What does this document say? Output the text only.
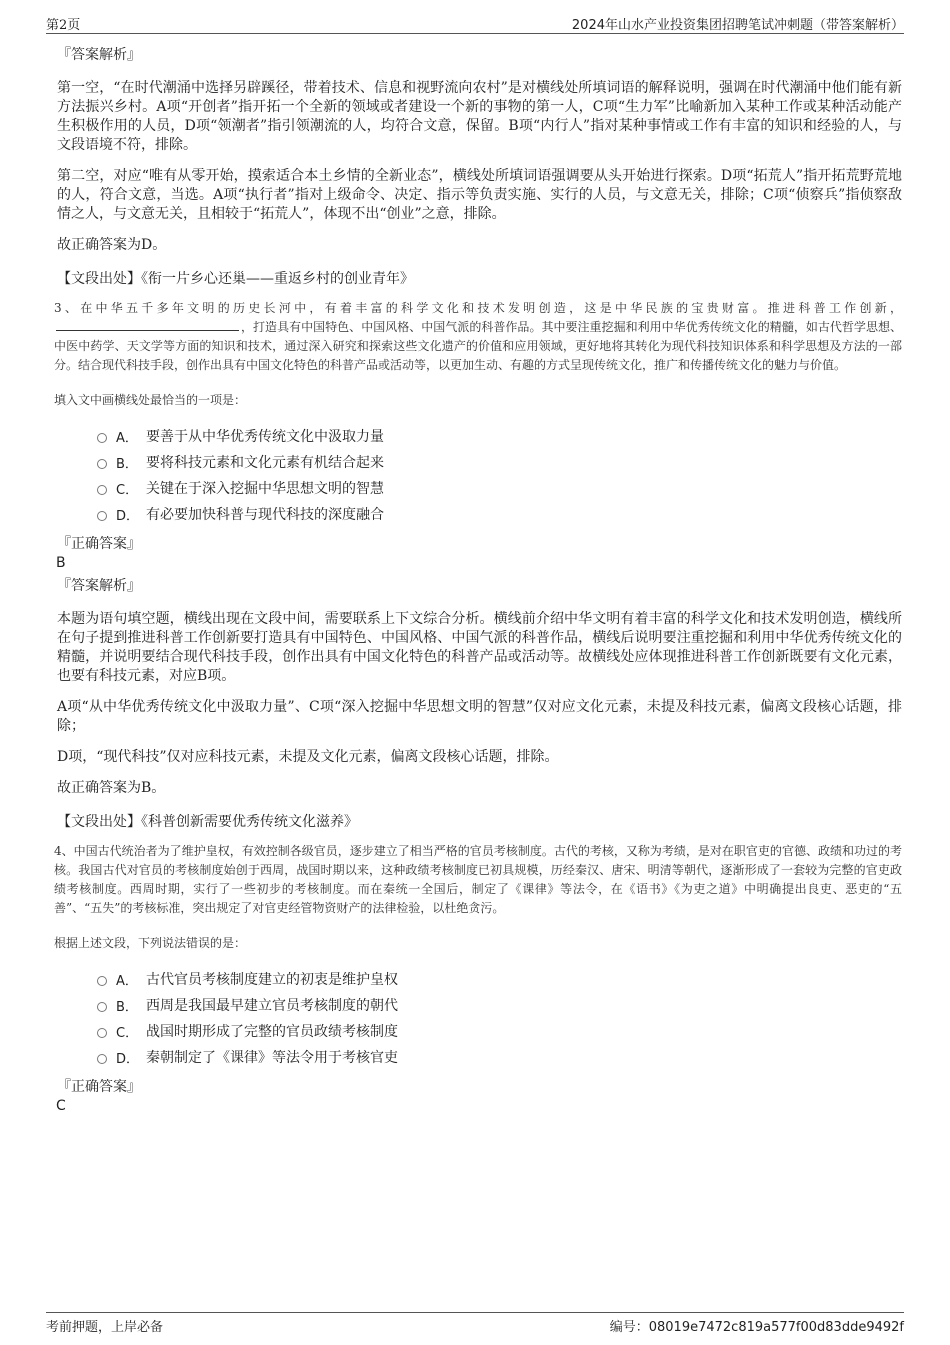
第2页	2024年山水产业投资集团招聘笔试冲刺题（带答案解析）
『答案解析』

第一空，“在时代潮涌中选择另辟蹊径，带着技术、信息和视野流向农村”是对横线处所填词语的解释说明，强调在时代潮涌中他们能有新方法振兴乡村。A项“开创者”指开拓一个全新的领域或者建设一个新的事物的第一人，C项“生力军”比喻新加入某种工作或某种活动能产生积极作用的人员，D项“领潮者”指引领潮流的人，均符合文意，保留。B项“内行人”指对某种事情或工作有丰富的知识和经验的人，与文段语境不符，排除。

第二空，对应“唯有从零开始，摸索适合本土乡情的全新业态”，横线处所填词语强调要从头开始进行探索。D项“拓荒人”指开拓荒野荒地的人，符合文意，当选。A项“执行者”指对上级命令、决定、指示等负责实施、实行的人员，与文意无关，排除；C项“侦察兵”指侦察敌情之人，与文意无关，且相较于“拓荒人”，体现不出“创业”之意，排除。

故正确答案为D。

【文段出处】《衔一片乡心还巢——重返乡村的创业青年》

3、在中华五千多年文明的历史长河中，有着丰富的科学文化和技术发明创造，这是中华民族的宝贵财富。推进科普工作创新，，打造具有中国特色、中国风格、中国气派的科普作品。其中要注重挖掘和利用中华优秀传统文化的精髓，如古代哲学思想、中医中药学、天文学等方面的知识和技术，通过深入研究和探索这些文化遗产的价值和应用领域，更好地将其转化为现代科技知识体系和科学思想及方法的一部分。结合现代科技手段，创作出具有中国文化特色的科普产品或活动等，以更加生动、有趣的方式呈现传统文化，推广和传播传统文化的魅力与价值。

填入文中画横线处最恰当的一项是：

A． 要善于从中华优秀传统文化中汲取力量
B． 要将科技元素和文化元素有机结合起来
C． 关键在于深入挖掘中华思想文明的智慧
D． 有必要加快科普与现代科技的深度融合
『正确答案』
B
『答案解析』

本题为语句填空题，横线出现在文段中间，需要联系上下文综合分析。横线前介绍中华文明有着丰富的科学文化和技术发明创造，横线所在句子提到推进科普工作创新要打造具有中国特色、中国风格、中国气派的科普作品，横线后说明要注重挖掘和利用中华优秀传统文化的精髓，并说明要结合现代科技手段，创作出具有中国文化特色的科普产品或活动等。故横线处应体现推进科普工作创新既要有文化元素，也要有科技元素，对应B项。

A项“从中华优秀传统文化中汲取力量”、C项“深入挖掘中华思想文明的智慧”仅对应文化元素，未提及科技元素，偏离文段核心话题，排除；

D项，“现代科技”仅对应科技元素，未提及文化元素，偏离文段核心话题，排除。

故正确答案为B。

【文段出处】《科普创新需要优秀传统文化滋养》

4、中国古代统治者为了维护皇权，有效控制各级官员，逐步建立了相当严格的官员考核制度。古代的考核，又称为考绩，是对在职官吏的官德、政绩和功过的考核。我国古代对官员的考核制度始创于西周，战国时期以来，这种政绩考核制度已初具规模，历经秦汉、唐宋、明清等朝代，逐渐形成了一套较为完整的官吏政绩考核制度。西周时期，实行了一些初步的考核制度。而在秦统一全国后，制定了《课律》等法令，在《语书》《为吏之道》中明确提出良吏、恶吏的“五善”、“五失”的考核标准，突出规定了对官吏经管物资财产的法律检验，以杜绝贪污。

根据上述文段，下列说法错误的是：

A． 古代官员考核制度建立的初衷是维护皇权
B． 西周是我国最早建立官员考核制度的朝代
C． 战国时期形成了完整的官员政绩考核制度
D． 秦朝制定了《课律》等法令用于考核官吏
『正确答案』
C
考前押题，上岸必备	编号：08019e7472c819a577f00d83dde9492f
